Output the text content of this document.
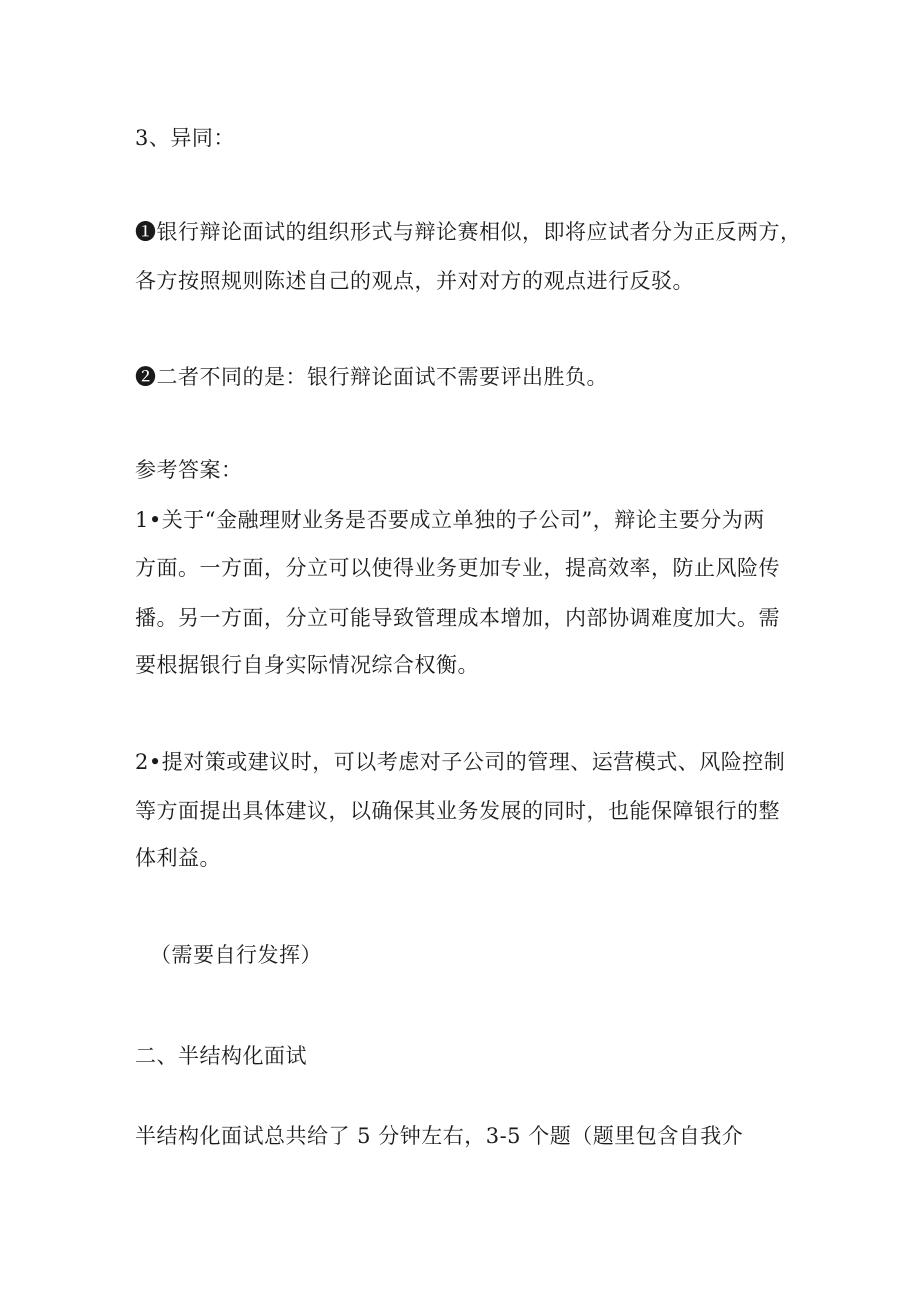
3、异同：
❶银行辩论面试的组织形式与辩论赛相似，即将应试者分为正反两方，
各方按照规则陈述自己的观点，并对对方的观点进行反驳。
❷二者不同的是：银行辩论面试不需要评出胜负。
参考答案：
1•关于“金融理财业务是否要成立单独的子公司”，辩论主要分为两
方面。一方面，分立可以使得业务更加专业，提高效率，防止风险传
播。另一方面，分立可能导致管理成本增加，内部协调难度加大。需
要根据银行自身实际情况综合权衡。
2•提对策或建议时，可以考虑对子公司的管理、运营模式、风险控制
等方面提出具体建议，以确保其业务发展的同时，也能保障银行的整
体利益。
（需要自行发挥）
二、半结构化面试
半结构化面试总共给了 5 分钟左右，3-5 个题（题里包含自我介
